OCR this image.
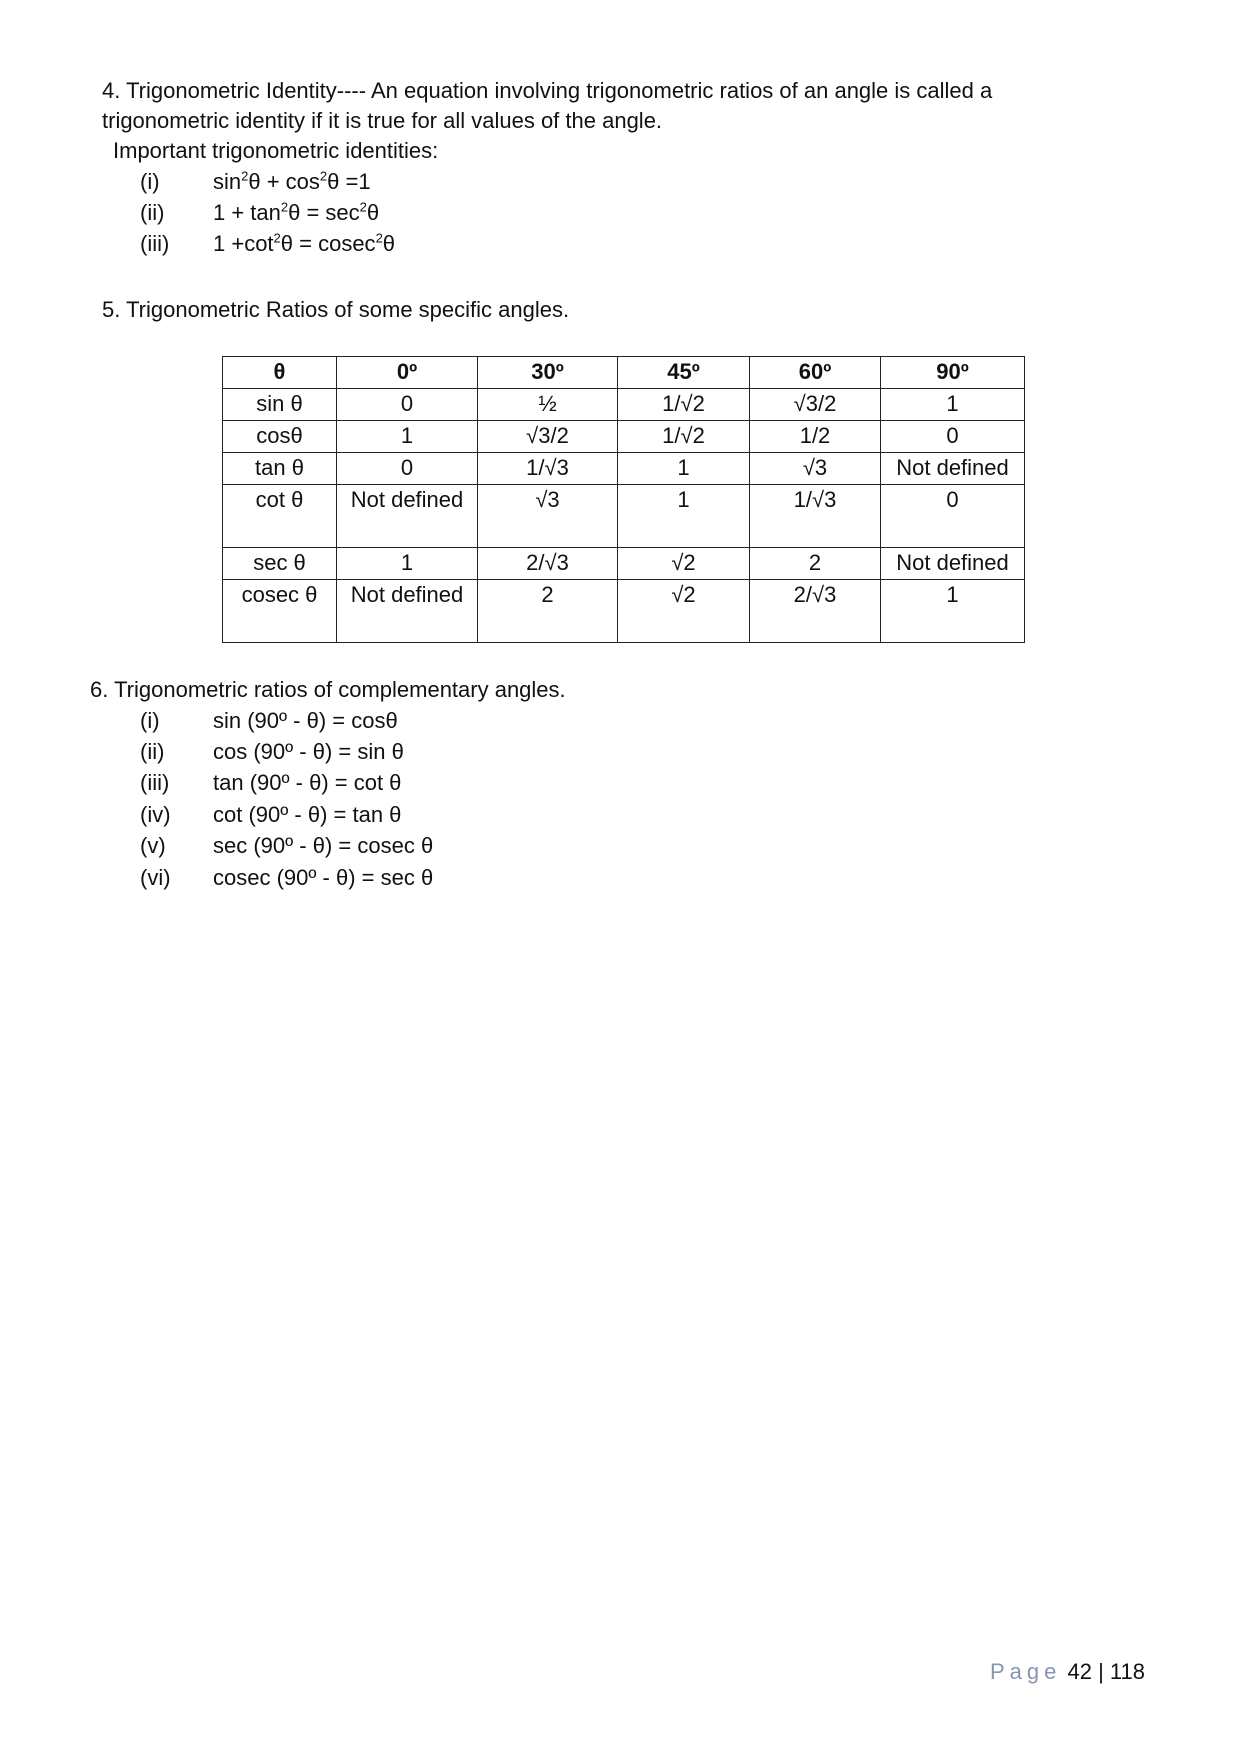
4. Trigonometric Identity---- An equation involving trigonometric ratios of an angle is called a
trigonometric identity if it is true for all values of the angle.
Important trigonometric identities:
(i) $\sin^2\theta + \cos^2\theta =1$
(ii) $1 + \tan^2\theta = \sec^2\theta$
(iii) $1 +\cot^2\theta = cosec^2\theta$
5. Trigonometric Ratios of some specific angles.
θ	0º	30º	45º	60º	90º
sin θ	0	½	1/√2	√3/2	1
cosθ	1	√3/2	1/√2	1/2	0
tan θ	0	1/√3	1	√3	Not defined
cot θ	Not defined	√3	1	1/√3	0
sec θ	1	2/√3	√2	2	Not defined
cosec θ	Not defined	2	√2	2/√3	1
6. Trigonometric ratios of complementary angles.
(i) sin (90º - θ) = cosθ
(ii) cos (90º - θ) = sin θ
(iii) tan (90º - θ) = cot θ
(iv) cot (90º - θ) = tan θ
(v) sec (90º - θ) = cosec θ
(vi) cosec (90º - θ) = sec θ
Page 42 | 118
